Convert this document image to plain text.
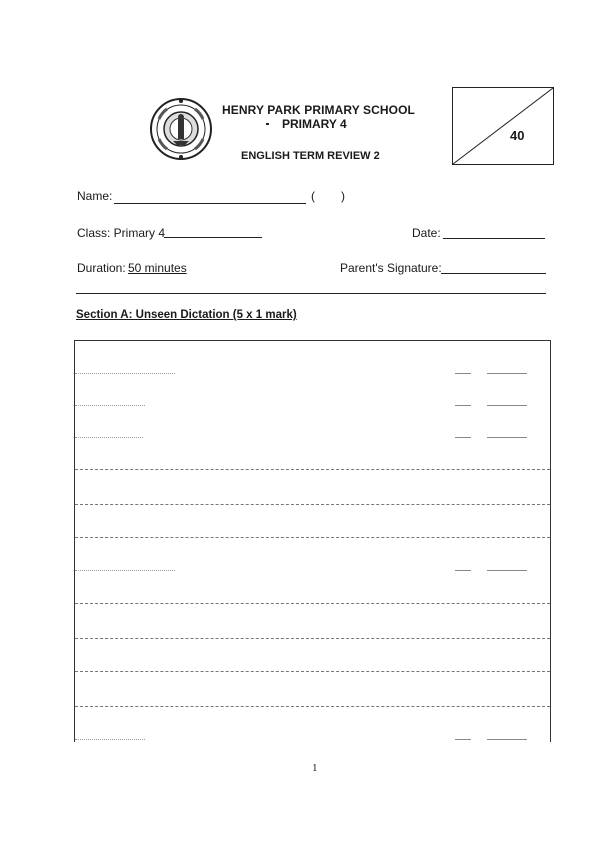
HENRY PARK PRIMARY SCHOOL
PRIMARY 4
ENGLISH TERM REVIEW 2
40
Name:	( )
Class: Primary 4	Date:
Duration: 50 minutes	Parent's Signature:
Section A: Unseen Dictation (5 x 1 mark)
1
